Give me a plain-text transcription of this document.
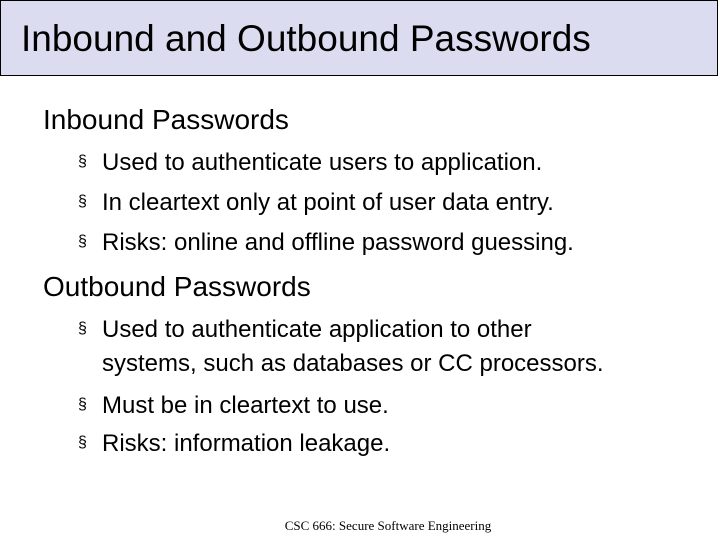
Inbound and Outbound Passwords
Inbound Passwords
§ Used to authenticate users to application.
§ In cleartext only at point of user data entry.
§ Risks: online and offline password guessing.
Outbound Passwords
§ Used to authenticate application to other
systems, such as databases or CC processors.
§ Must be in cleartext to use.
§ Risks: information leakage.
CSC 666: Secure Software Engineering
